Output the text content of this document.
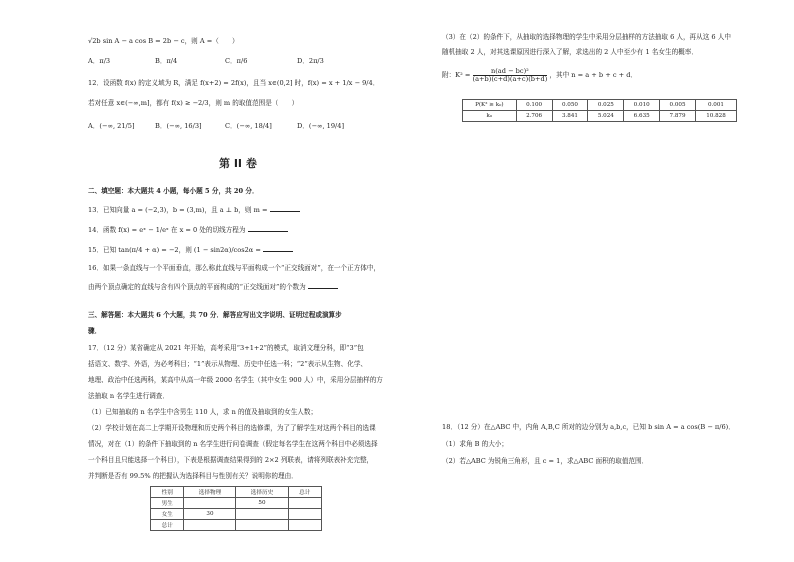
√2b sin A − a cos B = 2b − c，则 A =（　　）
A．π/3	B．π/4	C．π/6	D．2π/3
12．设函数 f(x) 的定义域为 R，满足 f(x+2) = 2f(x)，且当 x∈(0,2] 时，f(x) = x + 1/x − 9/4．
若对任意 x∈(−∞,m]，都有 f(x) ≥ −2/3，则 m 的取值范围是（　　）
A．(−∞, 21/5]	B．(−∞, 16/3]	C．(−∞, 18/4]	D．(−∞, 19/4]
第 II 卷
二、填空题：本大题共 4 小题，每小题 5 分，共 20 分．
13．已知向量 a = (−2,3)，b = (3,m)，且 a ⊥ b，则 m =
14．函数 f(x) = eˣ − 1/eˣ 在 x = 0 处的切线方程为
15．已知 tan(π/4 + α) = −2，则 (1 − sin2α)/cos2α =
16．如果一条直线与一个平面垂直，那么称此直线与平面构成一个“正交线面对”，在一个正方体中，
由两个顶点确定的直线与含有四个顶点的平面构成的“正交线面对”的个数为
三、解答题：本大题共 6 个大题，共 70 分．解答应写出文字说明、证明过程或演算步
骤．
17．（12 分）某省确定从 2021 年开始，高考采用“3+1+2”的模式，取消文理分科，即“3”包
括语文、数学、外语，为必考科目；“1”表示从物理、历史中任选一科；“2”表示从生物、化学、
地理、政治中任选两科，某高中从高一年级 2000 名学生（其中女生 900 人）中，采用分层抽样的方
法抽取 n 名学生进行调查．
（1）已知抽取的 n 名学生中含男生 110 人，求 n 的值及抽取到的女生人数；
（2）学校计划在高二上学期开设物理和历史两个科目的选修课，为了了解学生对这两个科目的选课
情况，对在（1）的条件下抽取到的 n 名学生进行问卷调查（假定每名学生在这两个科目中必须选择
一个科目且只能选择一个科目），下表是根据调查结果得到的 2×2 列联表，请将列联表补充完整，
并判断是否有 99.5% 的把握认为选择科目与性别有关？说明你的理由．
性别	选择物理	选择历史	总计
男生		50	
女生	30		
总计			
（3）在（2）的条件下，从抽取的选择物理的学生中采用分层抽样的方法抽取 6 人，再从这 6 人中
随机抽取 2 人，对其选课原因进行深入了解，求选出的 2 人中至少有 1 名女生的概率．
附：$K^2 = \frac{\text{n(ad − bc)²}}{(a+b)(c+d)(a+c)(b+d)}$ ，其中 n = a + b + c + d．
P(K² ≥ k₀)	0.100	0.050	0.025	0.010	0.005	0.001
k₀	2.706	3.841	5.024	6.635	7.879	10.828
18．（12 分）在△ABC 中，内角 A,B,C 所对的边分别为 a,b,c，已知 b sin A = a cos(B − π/6)．
（1）求角 B 的大小；
（2）若△ABC 为锐角三角形，且 c = 1，求△ABC 面积的取值范围．
